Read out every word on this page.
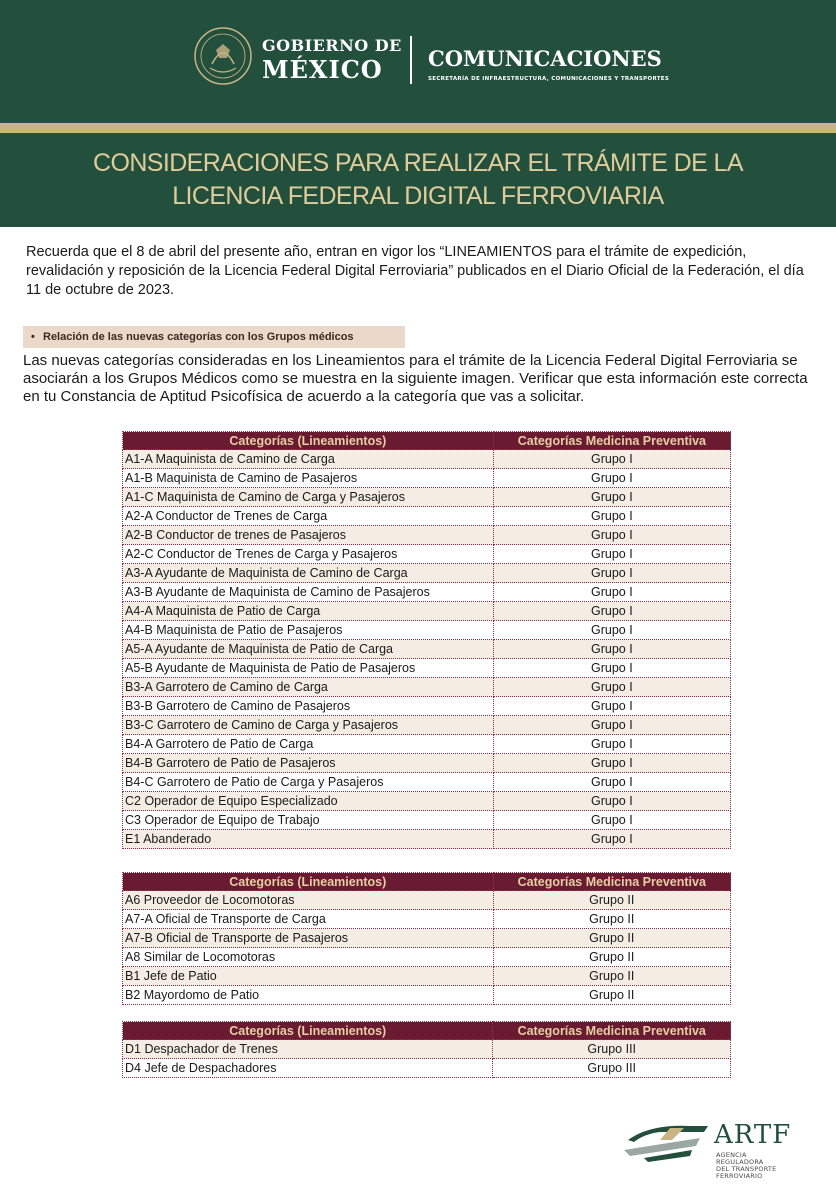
GOBIERNO DE
MÉXICO COMUNICACIONES
SECRETARÍA DE INFRAESTRUCTURA, COMUNICACIONES Y TRANSPORTES
CONSIDERACIONES PARA REALIZAR EL TRÁMITE DE LA
LICENCIA FEDERAL DIGITAL FERROVIARIA
Recuerda que el 8 de abril del presente año, entran en vigor los “LINEAMIENTOS para el trámite de expedición, revalidación y reposición de la Licencia Federal Digital Ferroviaria” publicados en el Diario Oficial de la Federación, el día 11 de octubre de 2023.
• Relación de las nuevas categorías con los Grupos médicos
Las nuevas categorías consideradas en los Lineamientos para el trámite de la Licencia Federal Digital Ferroviaria se asociarán a los Grupos Médicos como se muestra en la siguiente imagen. Verificar que esta información este correcta en tu Constancia de Aptitud Psicofísica de acuerdo a la categoría que vas a solicitar.
Categorías (Lineamientos)	Categorías Medicina Preventiva
A1-A Maquinista de Camino de Carga	Grupo I
A1-B Maquinista de Camino de Pasajeros	Grupo I
A1-C Maquinista de Camino de Carga y Pasajeros	Grupo I
A2-A Conductor de Trenes de Carga	Grupo I
A2-B Conductor de trenes de Pasajeros	Grupo I
A2-C Conductor de Trenes de Carga y Pasajeros	Grupo I
A3-A Ayudante de Maquinista de Camino de Carga	Grupo I
A3-B Ayudante de Maquinista de Camino de Pasajeros	Grupo I
A4-A Maquinista de Patio de Carga	Grupo I
A4-B Maquinista de Patio de Pasajeros	Grupo I
A5-A Ayudante de Maquinista de Patio de Carga	Grupo I
A5-B Ayudante de Maquinista de Patio de Pasajeros	Grupo I
B3-A Garrotero de Camino de Carga	Grupo I
B3-B Garrotero de Camino de Pasajeros	Grupo I
B3-C Garrotero de Camino de Carga y Pasajeros	Grupo I
B4-A Garrotero de Patio de Carga	Grupo I
B4-B Garrotero de Patio de Pasajeros	Grupo I
B4-C Garrotero de Patio de Carga y Pasajeros	Grupo I
C2 Operador de Equipo Especializado	Grupo I
C3 Operador de Equipo de Trabajo	Grupo I
E1 Abanderado	Grupo I
Categorías (Lineamientos)	Categorías Medicina Preventiva
A6 Proveedor de Locomotoras	Grupo II
A7-A Oficial de Transporte de Carga	Grupo II
A7-B Oficial de Transporte de Pasajeros	Grupo II
A8 Similar de Locomotoras	Grupo II
B1 Jefe de Patio	Grupo II
B2 Mayordomo de Patio	Grupo II
Categorías (Lineamientos)	Categorías Medicina Preventiva
D1 Despachador de Trenes	Grupo III
D4 Jefe de Despachadores	Grupo III
ARTF
AGENCIA REGULADORA
DEL TRANSPORTE
FERROVIARIO
